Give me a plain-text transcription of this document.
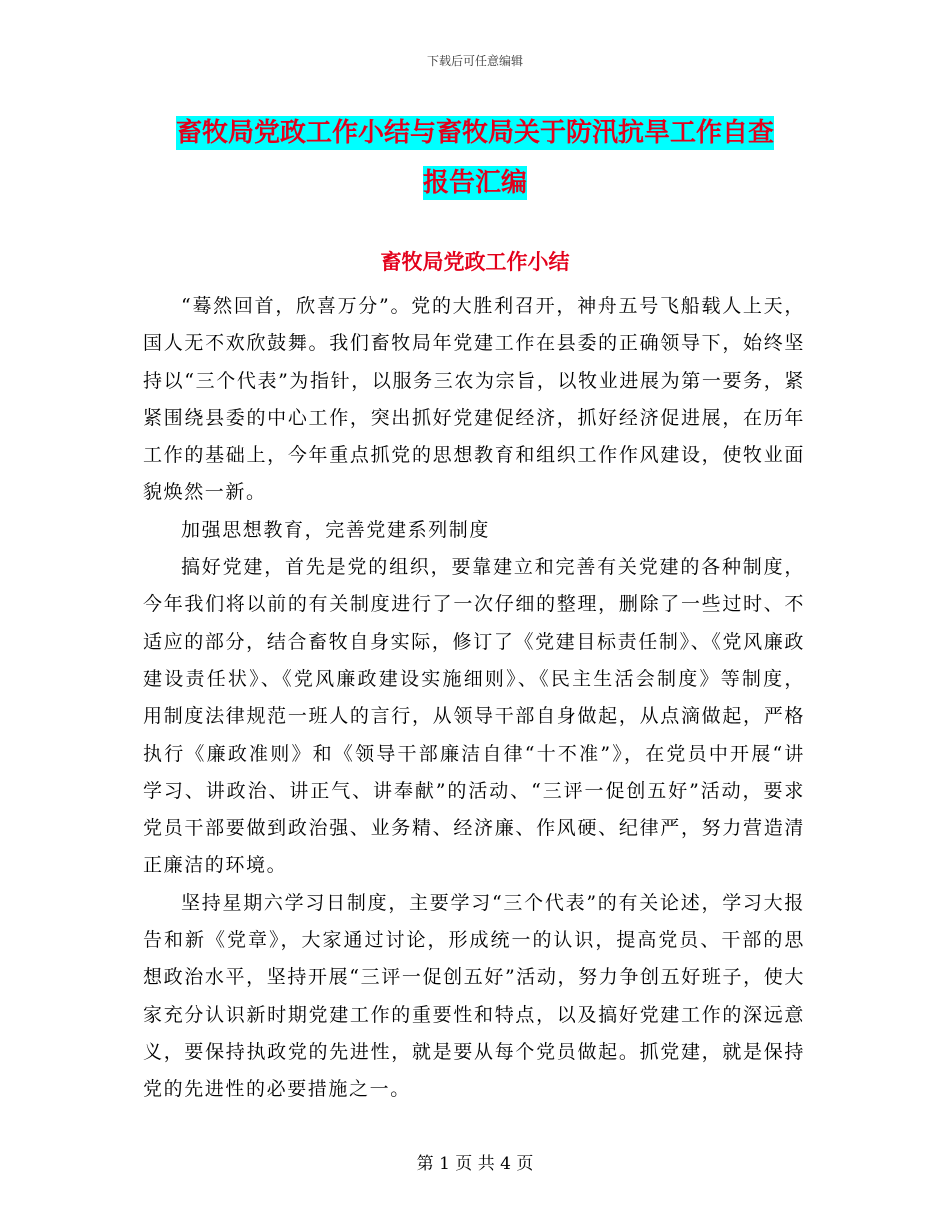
下载后可任意编辑
畜牧局党政工作小结与畜牧局关于防汛抗旱工作自查
报告汇编
畜牧局党政工作小结

“蓦然回首，欣喜万分”。党的大胜利召开，神舟五号飞船载人上天，国人无不欢欣鼓舞。我们畜牧局年党建工作在县委的正确领导下，始终坚持以“三个代表”为指针，以服务三农为宗旨，以牧业进展为第一要务，紧紧围绕县委的中心工作，突出抓好党建促经济，抓好经济促进展，在历年工作的基础上，今年重点抓党的思想教育和组织工作作风建设，使牧业面貌焕然一新。

加强思想教育，完善党建系列制度

搞好党建，首先是党的组织，要靠建立和完善有关党建的各种制度，今年我们将以前的有关制度进行了一次仔细的整理，删除了一些过时、不适应的部分，结合畜牧自身实际，修订了《党建目标责任制》、《党风廉政建设责任状》、《党风廉政建设实施细则》、《民主生活会制度》等制度，用制度法律规范一班人的言行，从领导干部自身做起，从点滴做起，严格执行《廉政准则》和《领导干部廉洁自律“十不准”》，在党员中开展“讲学习、讲政治、讲正气、讲奉献”的活动、“三评一促创五好”活动，要求党员干部要做到政治强、业务精、经济廉、作风硬、纪律严，努力营造清正廉洁的环境。

坚持星期六学习日制度，主要学习“三个代表”的有关论述，学习大报告和新《党章》，大家通过讨论，形成统一的认识，提高党员、干部的思想政治水平，坚持开展“三评一促创五好”活动，努力争创五好班子，使大家充分认识新时期党建工作的重要性和特点，以及搞好党建工作的深远意义，要保持执政党的先进性，就是要从每个党员做起。抓党建，就是保持党的先进性的必要措施之一。

第 1 页 共 4 页
